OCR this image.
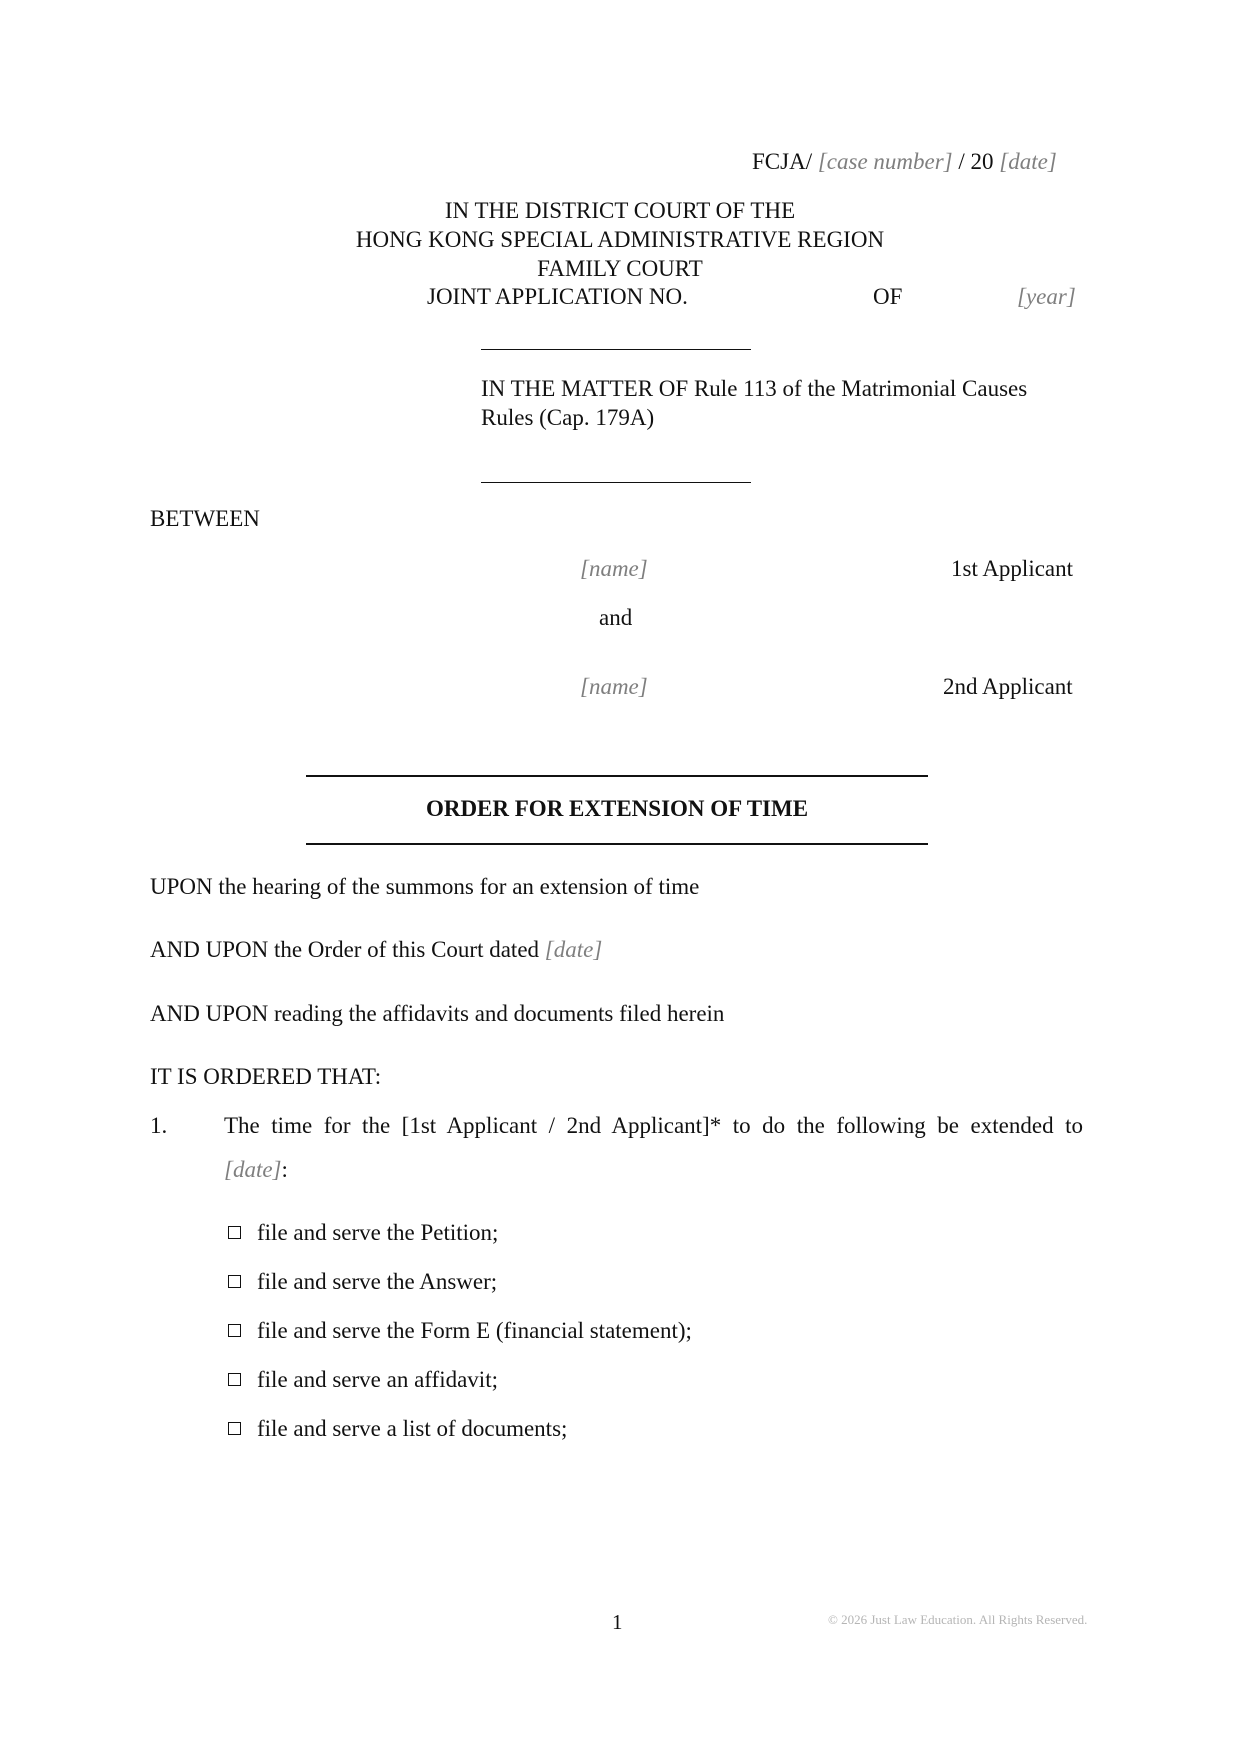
FCJA/ [case number] / 20 [date]
IN THE DISTRICT COURT OF THE
HONG KONG SPECIAL ADMINISTRATIVE REGION
FAMILY COURT
JOINT APPLICATION NO.	OF	[year]
IN THE MATTER OF Rule 113 of the Matrimonial Causes
Rules (Cap. 179A)
BETWEEN
[name]	1st Applicant
and
[name]	2nd Applicant
ORDER FOR EXTENSION OF TIME
UPON the hearing of the summons for an extension of time
AND UPON the Order of this Court dated [date]
AND UPON reading the affidavits and documents filed herein
IT IS ORDERED THAT:
1. The time for the [1st Applicant / 2nd Applicant]* to do the following be extended to
[date]:
file and serve the Petition;
file and serve the Answer;
file and serve the Form E (financial statement);
file and serve an affidavit;
file and serve a list of documents;
1	© 2026 Just Law Education. All Rights Reserved.
